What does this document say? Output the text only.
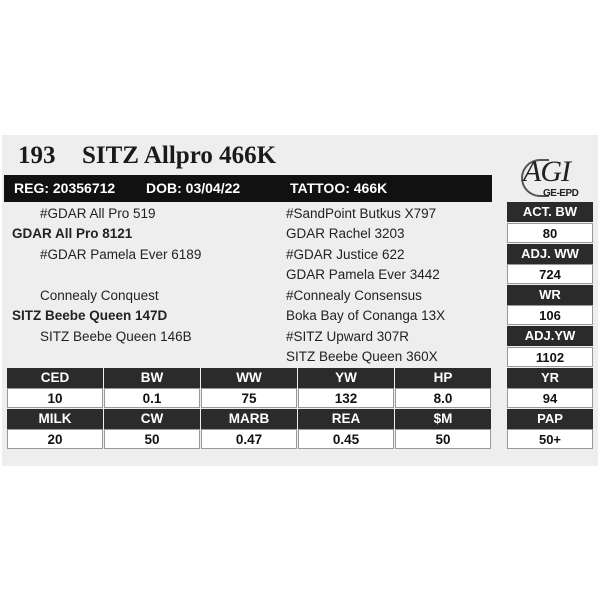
193 SITZ Allpro 466K	AGI
GE-EPD
REG: 20356712 DOB: 03/04/22	TATTOO: 466K
#GDAR All Pro 519
GDAR All Pro 8121
#GDAR Pamela Ever 6189
Connealy Conquest
SITZ Beebe Queen 147D
SITZ Beebe Queen 146B
#SandPoint Butkus X797
GDAR Rachel 3203
#GDAR Justice 622
GDAR Pamela Ever 3442
#Connealy Consensus
Boka Bay of Conanga 13X
#SITZ Upward 307R
SITZ Beebe Queen 360X
ACT. BW
80
ADJ. WW
724
WR
106
ADJ.YW
1102
YR
94
PAP
50+
CED	BW	WW	YW	HP
10	0.1	75	132	8.0
MILK	CW	MARB	REA	$M
20	50	0.47	0.45	50
